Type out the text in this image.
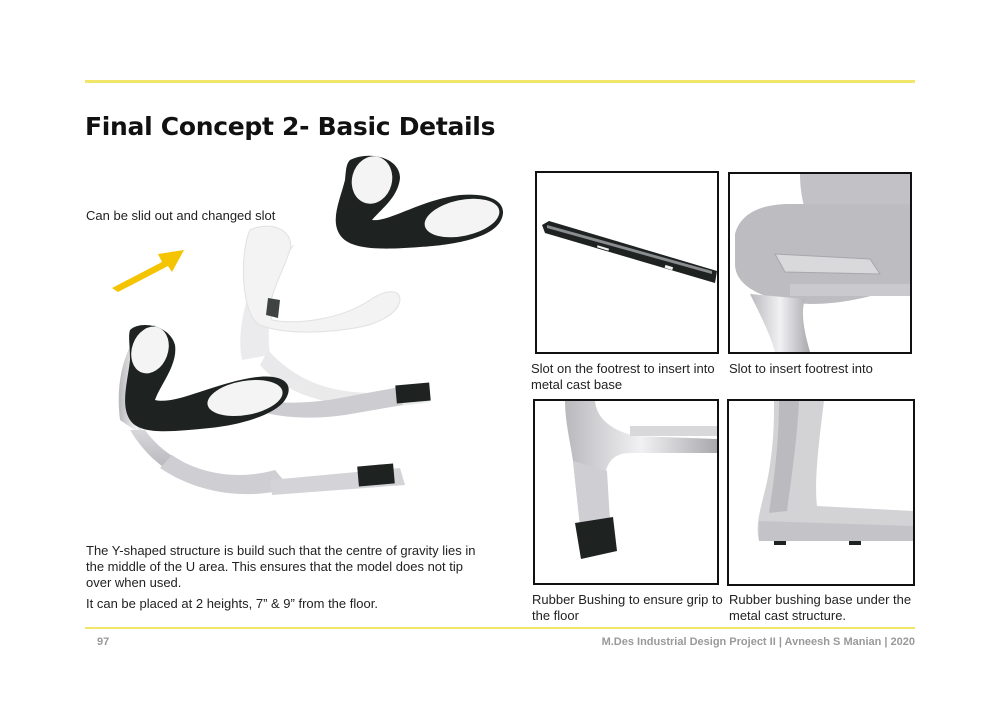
Final Concept 2- Basic Details
Can be slid out and changed slot
The Y-shaped structure is build such that the centre of gravity lies in the middle of the U area. This ensures that the model does not tip over when used.
It can be placed at 2 heights, 7” & 9” from the floor.
Slot on the footrest to insert into metal cast base
Slot to insert footrest into
Rubber Bushing to ensure grip to the floor
Rubber bushing base under the metal cast structure.
97	M.Des Industrial Design Project II | Avneesh S Manian | 2020
